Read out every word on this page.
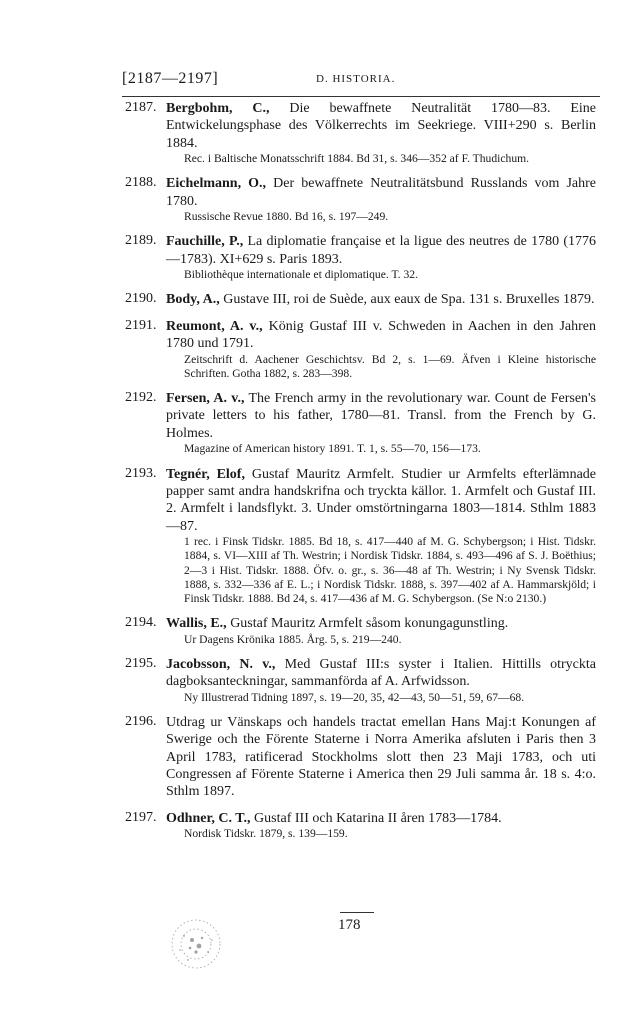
[2187—2197]	D. HISTORIA.
2187. Bergbohm, C., Die bewaffnete Neutralität 1780—83. Eine Entwickelungsphase des Völkerrechts im Seekriege. VIII+290 s. Berlin 1884.
Rec. i Baltische Monatsschrift 1884. Bd 31, s. 346—352 af F. Thudichum.
2188. Eichelmann, O., Der bewaffnete Neutralitätsbund Russlands vom Jahre 1780.
Russische Revue 1880. Bd 16, s. 197—249.
2189. Fauchille, P., La diplomatie française et la ligue des neutres de 1780 (1776—1783). XI+629 s. Paris 1893.
Bibliothèque internationale et diplomatique. T. 32.
2190. Body, A., Gustave III, roi de Suède, aux eaux de Spa. 131 s. Bruxelles 1879.
2191. Reumont, A. v., König Gustaf III v. Schweden in Aachen in den Jahren 1780 und 1791.
Zeitschrift d. Aachener Geschichtsv. Bd 2, s. 1—69. Äfven i Kleine historische Schriften. Gotha 1882, s. 283—398.
2192. Fersen, A. v., The French army in the revolutionary war. Count de Fersen's private letters to his father, 1780—81. Transl. from the French by G. Holmes.
Magazine of American history 1891. T. 1, s. 55—70, 156—173.
2193. Tegnér, Elof, Gustaf Mauritz Armfelt. Studier ur Armfelts efterlämnade papper samt andra handskrifna och tryckta källor. 1. Armfelt och Gustaf III. 2. Armfelt i landsflykt. 3. Under omstörtningarna 1803—1814. Sthlm 1883—87.
1 rec. i Finsk Tidskr. 1885. Bd 18, s. 417—440 af M. G. Schybergson; i Hist. Tidskr. 1884, s. VI—XIII af Th. Westrin; i Nordisk Tidskr. 1884, s. 493—496 af S. J. Boëthius; 2—3 i Hist. Tidskr. 1888. Öfv. o. gr., s. 36—48 af Th. Westrin; i Ny Svensk Tidskr. 1888, s. 332—336 af E. L.; i Nordisk Tidskr. 1888, s. 397—402 af A. Hammarskjöld; i Finsk Tidskr. 1888. Bd 24, s. 417—436 af M. G. Schybergson. (Se N:o 2130.)
2194. Wallis, E., Gustaf Mauritz Armfelt såsom konungagunstling.
Ur Dagens Krönika 1885. Årg. 5, s. 219—240.
2195. Jacobsson, N. v., Med Gustaf III:s syster i Italien. Hittills otryckta dagboksanteckningar, sammanförda af A. Arfwidsson.
Ny Illustrerad Tidning 1897, s. 19—20, 35, 42—43, 50—51, 59, 67—68.
2196. Utdrag ur Vänskaps och handels tractat emellan Hans Maj:t Konungen af Swerige och the Förente Staterne i Norra Amerika afsluten i Paris then 3 April 1783, ratificerad Stockholms slott then 23 Maji 1783, och uti Congressen af Förente Staterne i America then 29 Juli samma år. 18 s. 4:o. Sthlm 1897.
2197. Odhner, C. T., Gustaf III och Katarina II åren 1783—1784.
Nordisk Tidskr. 1879, s. 139—159.
178
